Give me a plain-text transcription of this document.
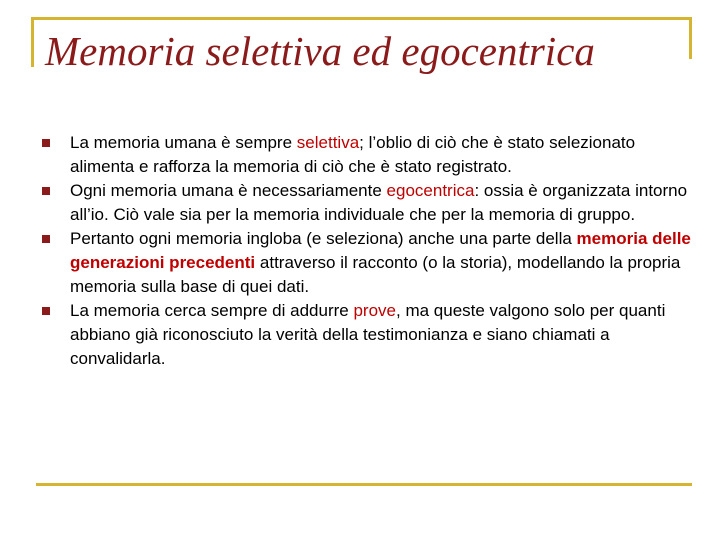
Memoria selettiva ed egocentrica
La memoria umana è sempre selettiva; l’oblio di ciò che è stato selezionato alimenta e rafforza la memoria di ciò che è stato registrato.
Ogni memoria umana è necessariamente egocentrica: ossia è organizzata intorno all’io. Ciò vale sia per la memoria individuale che per la memoria di gruppo.
Pertanto ogni memoria ingloba (e seleziona) anche una parte della memoria delle generazioni precedenti attraverso il racconto (o la storia), modellando la propria memoria sulla base di quei dati.
La memoria cerca sempre di addurre prove, ma queste valgono solo per quanti abbiano già riconosciuto la verità della testimonianza e siano chiamati a convalidarla.
